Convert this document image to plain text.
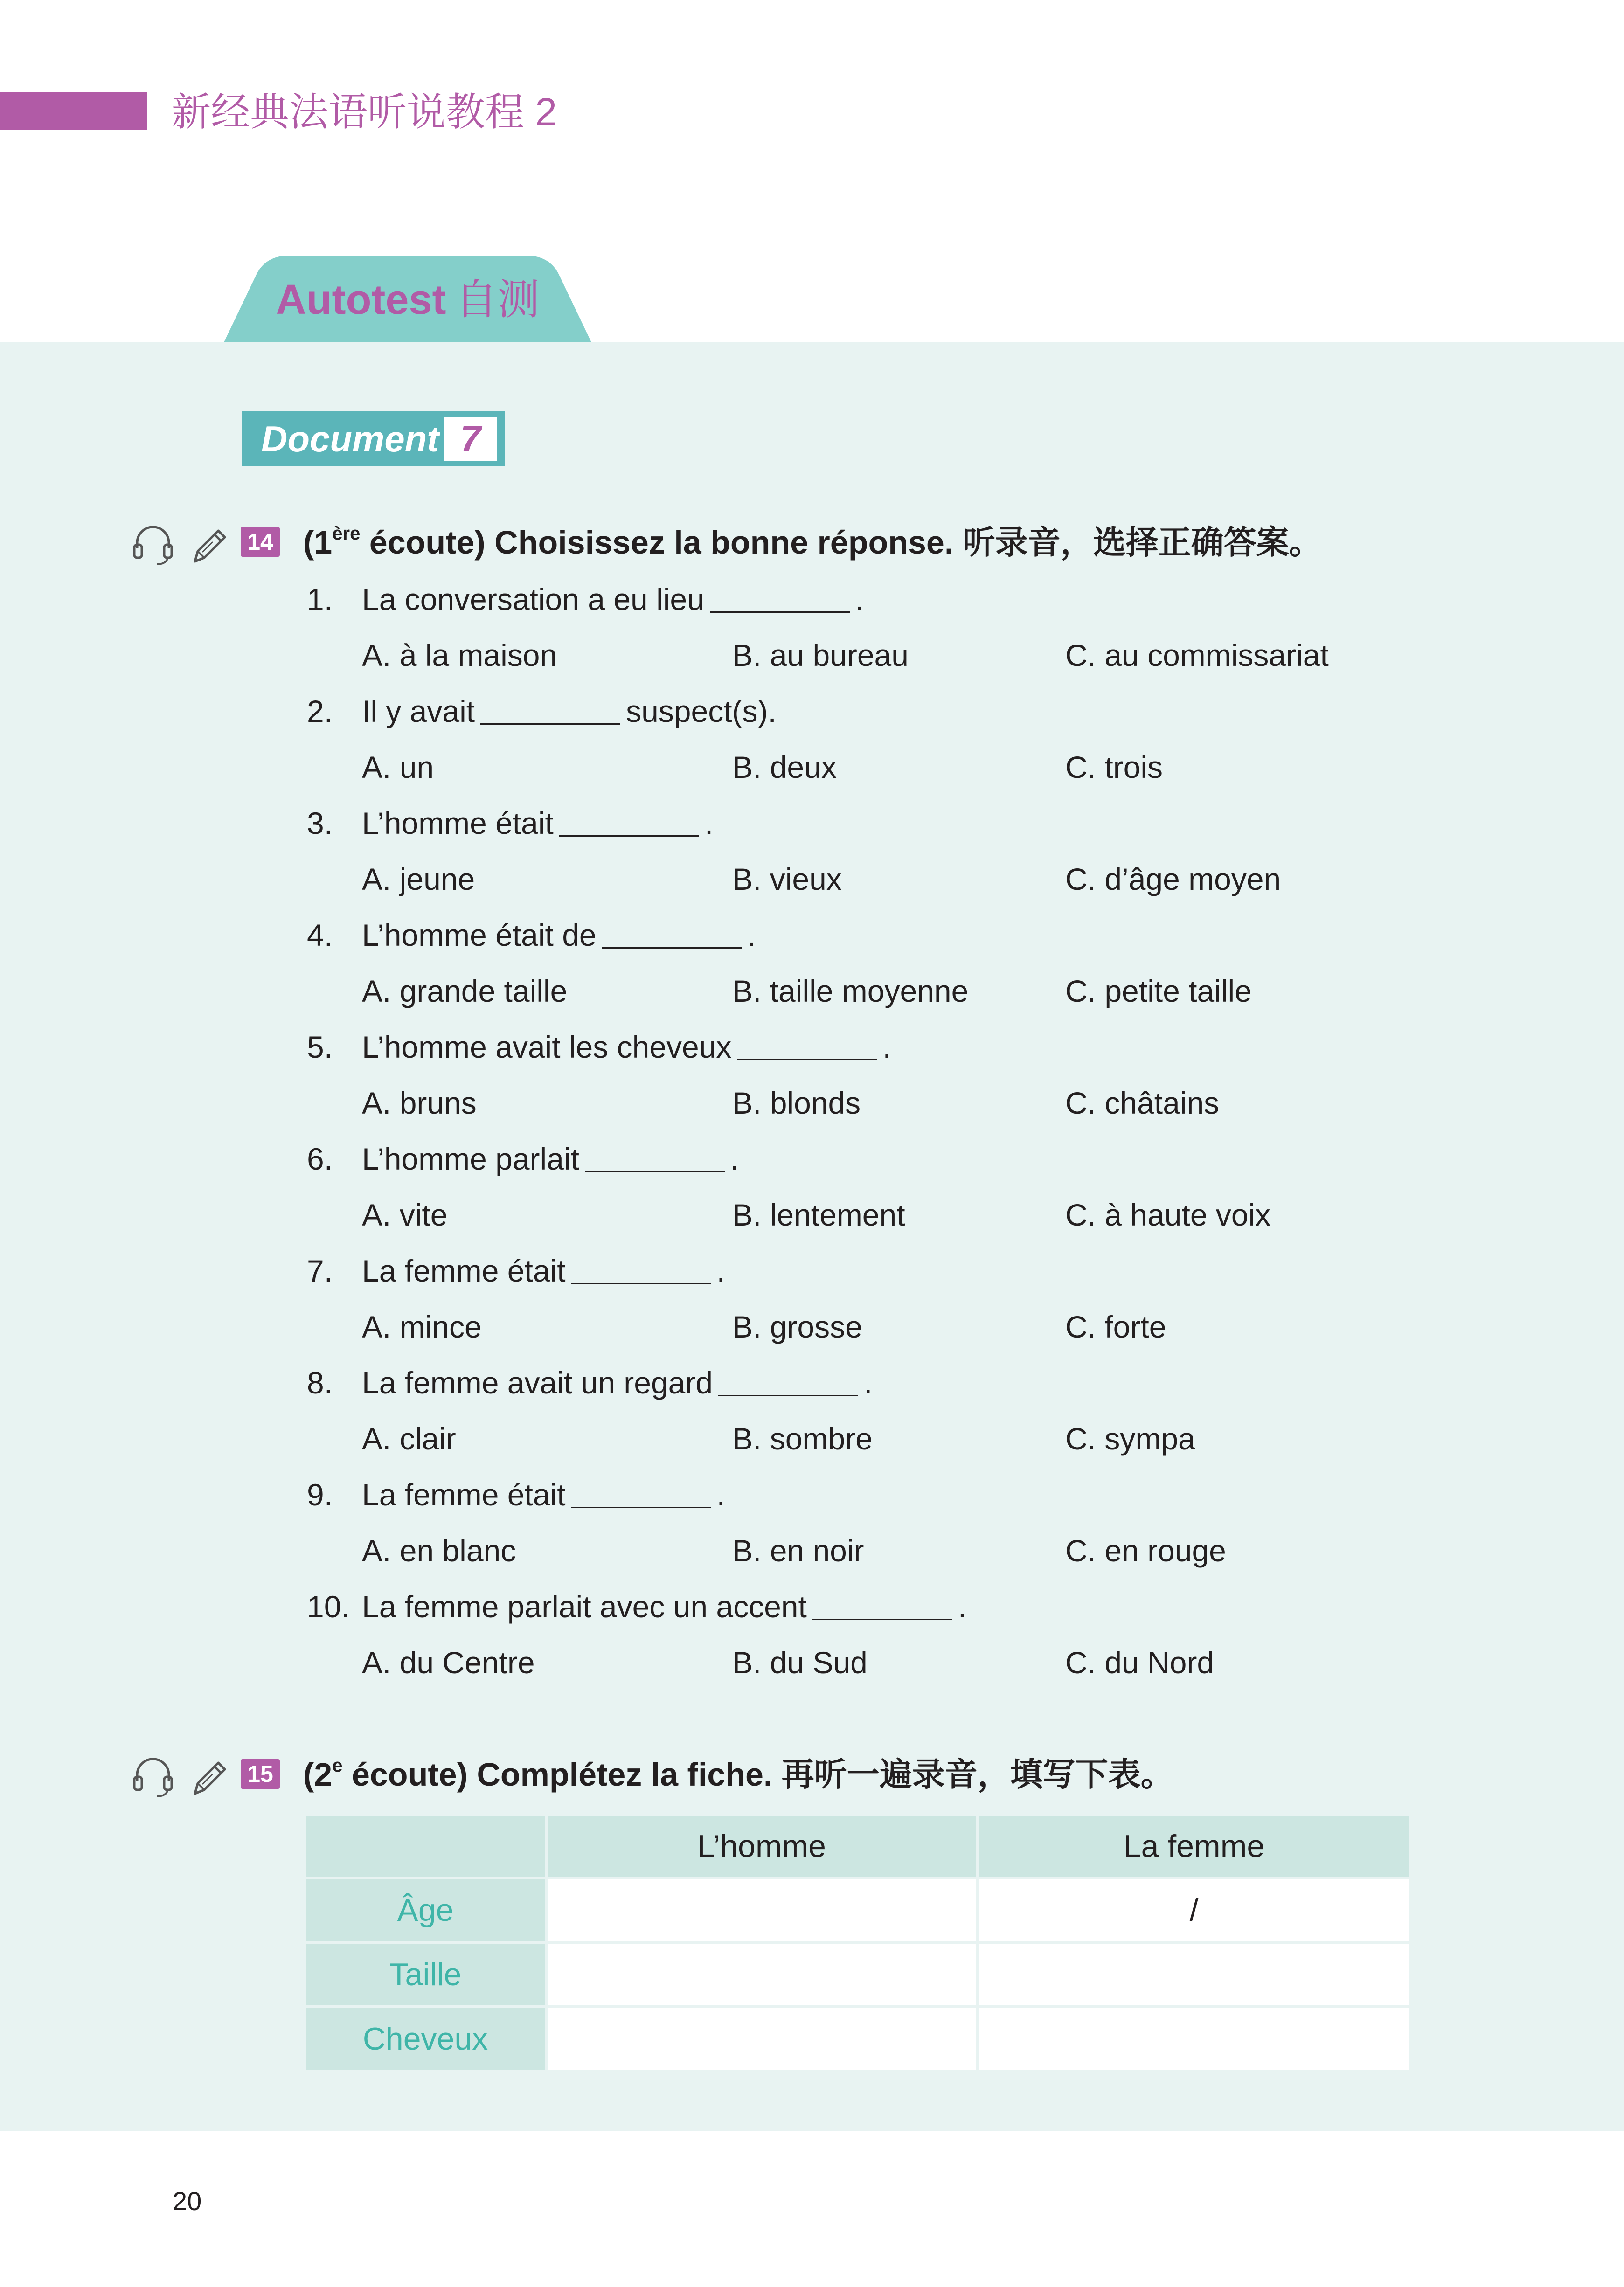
新经典法语听说教程 2
Autotest 自测
Document 7
14 (1ère écoute) Choisissez la bonne réponse. 听录音，选择正确答案。
1. La conversation a eu lieu	.
A. à la maison	B. au bureau	C. au commissariat
2. Il y avait	suspect(s).
A. un	B. deux	C. trois
3. L’homme était	.
A. jeune	B. vieux	C. d’âge moyen
4. L’homme était de	.
A. grande taille	B. taille moyenne	C. petite taille
5. L’homme avait les cheveux	.
A. bruns	B. blonds	C. châtains
6. L’homme parlait	.
A. vite	B. lentement	C. à haute voix
7. La femme était	.
A. mince	B. grosse	C. forte
8. La femme avait un regard	.
A. clair	B. sombre	C. sympa
9. La femme était	.
A. en blanc	B. en noir	C. en rouge
10. La femme parlait avec un accent	.
A. du Centre	B. du Sud	C. du Nord
15 (2e écoute) Complétez la fiche. 再听一遍录音，填写下表。
	L’homme	La femme
Âge		/
Taille		
Cheveux		
20
